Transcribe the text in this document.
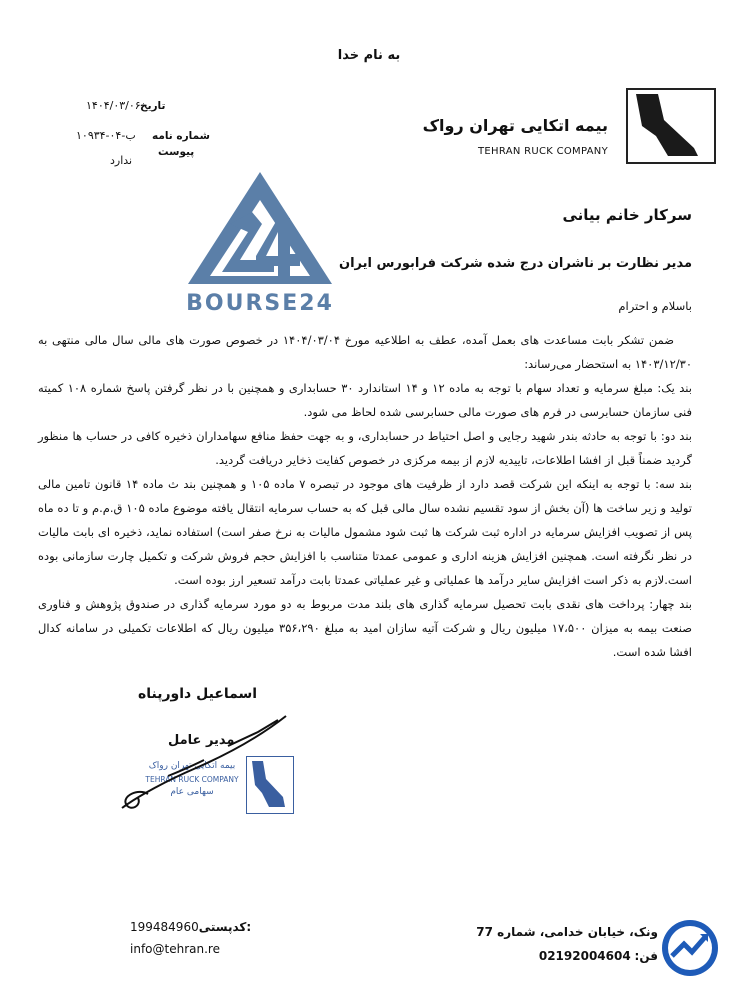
به نام خدا
تاریخ
۱۴۰۴/۰۳/۰۶
شماره نامه
۱۰۹۳۴-ب-۰۴
پیوست
ندارد
بیمه اتکایی تهران رواک
TEHRAN RUCK COMPANY
BOURSE24
سرکار خانم بیانی
مدیر نظارت بر ناشران درج شده شرکت فرابورس ایران
باسلام و احترام

ضمن تشکر بابت مساعدت های بعمل آمده، عطف به اطلاعیه مورخ ۱۴۰۴/۰۳/۰۴ در خصوص صورت های مالی سال مالی منتهی به ۱۴۰۳/۱۲/۳۰ به استحضار می‌رساند:

بند یک: مبلغ سرمایه و تعداد سهام با توجه به ماده ۱۲ و ۱۴ استاندارد ۳۰ حسابداری و همچنین با در نظر گرفتن پاسخ شماره ۱۰۸ کمیته فنی سازمان حسابرسی در فرم های صورت مالی حسابرسی شده لحاظ می شود.

بند دو: با توجه به حادثه بندر شهید رجایی و اصل احتیاط در حسابداری، و به جهت حفظ منافع سهامداران ذخیره کافی در حساب ها منظور گردید ضمناً قبل از افشا اطلاعات، تاییدیه لازم از بیمه مرکزی در خصوص کفایت ذخایر دریافت گردید.

بند سه: با توجه به اینکه این شرکت قصد دارد از ظرفیت های موجود در تبصره ۷ ماده ۱۰۵ و همچنین بند ث ماده ۱۴ قانون تامین مالی تولید و زیر ساخت ها (آن بخش از سود تقسیم نشده سال مالی قبل که به حساب سرمایه انتقال یافته موضوع ماده ۱۰۵ ق.م.م و تا ده ماه پس از تصویب افزایش سرمایه در اداره ثبت شرکت ها ثبت شود مشمول مالیات به نرخ صفر است) استفاده نماید، ذخیره ای بابت مالیات در نظر نگرفته است. همچنین افزایش هزینه اداری و عمومی عمدتا متناسب با افزایش حجم فروش شرکت و تکمیل چارت سازمانی بوده است.لازم به ذکر است افزایش سایر درآمد ها عملیاتی و غیر عملیاتی عمدتا بابت درآمد تسعیر ارز بوده است.

بند چهار: پرداخت های نقدی بابت تحصیل سرمایه گذاری های بلند مدت مربوط به دو مورد سرمایه گذاری در صندوق پژوهش و فناوری صنعت بیمه به میزان ۱۷،۵۰۰ میلیون ریال و شرکت آتیه سازان امید به مبلغ ۳۵۶،۲۹۰ میلیون ریال که اطلاعات تکمیلی در سامانه کدال افشا شده است.

اسماعیل داورپناه
مدیر عامل
بیمه اتکایی تهران رواک
TEHRAN RUCK COMPANY
سهامی عام
199484960کدپستی:
info@tehran.re
ونک، خیابان خدامی، شماره 77
فن: 02192004604
